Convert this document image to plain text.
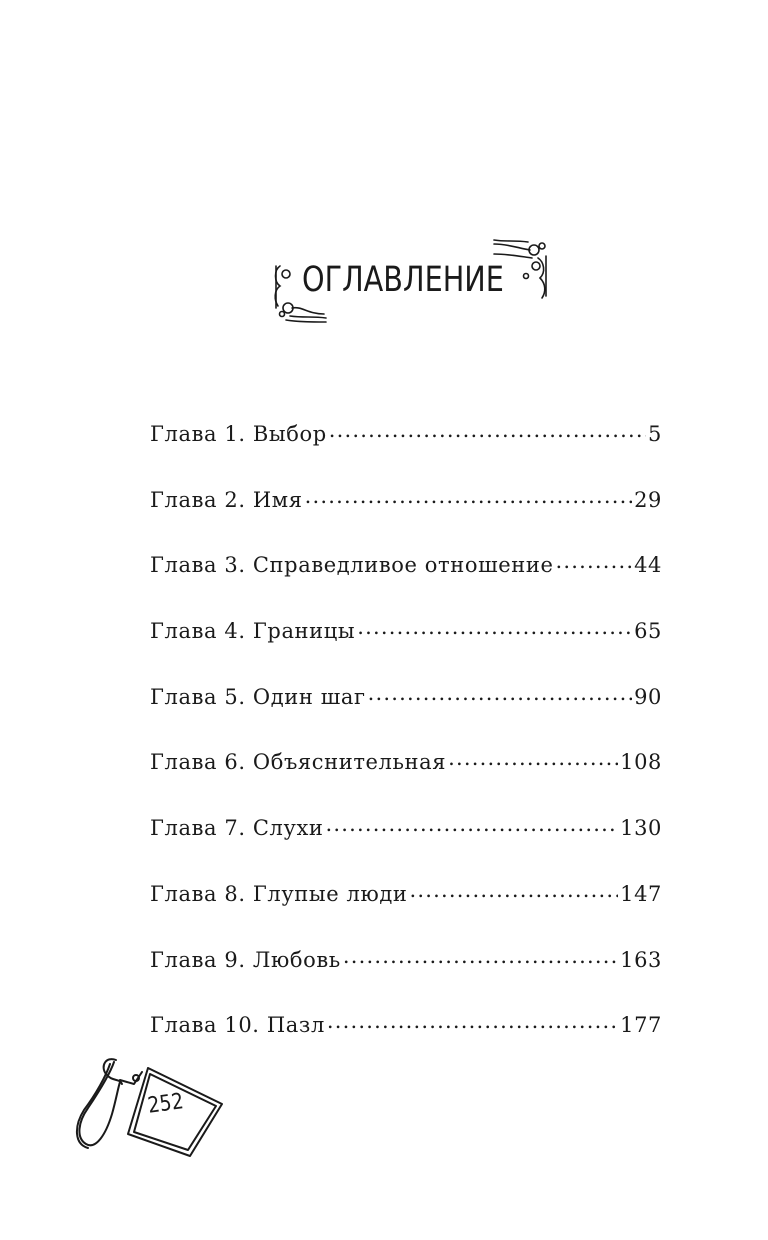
ОГЛАВЛЕНИЕ
Глава 1. Выбор .....	5
Глава 2. Имя .....	29
Глава 3. Справедливое отношение .....	44
Глава 4. Границы .....	65
Глава 5. Один шаг .....	90
Глава 6. Объяснительная .....	108
Глава 7. Слухи .....	130
Глава 8. Глупые люди .....	147
Глава 9. Любовь .....	163
Глава 10. Пазл .....	177
252
